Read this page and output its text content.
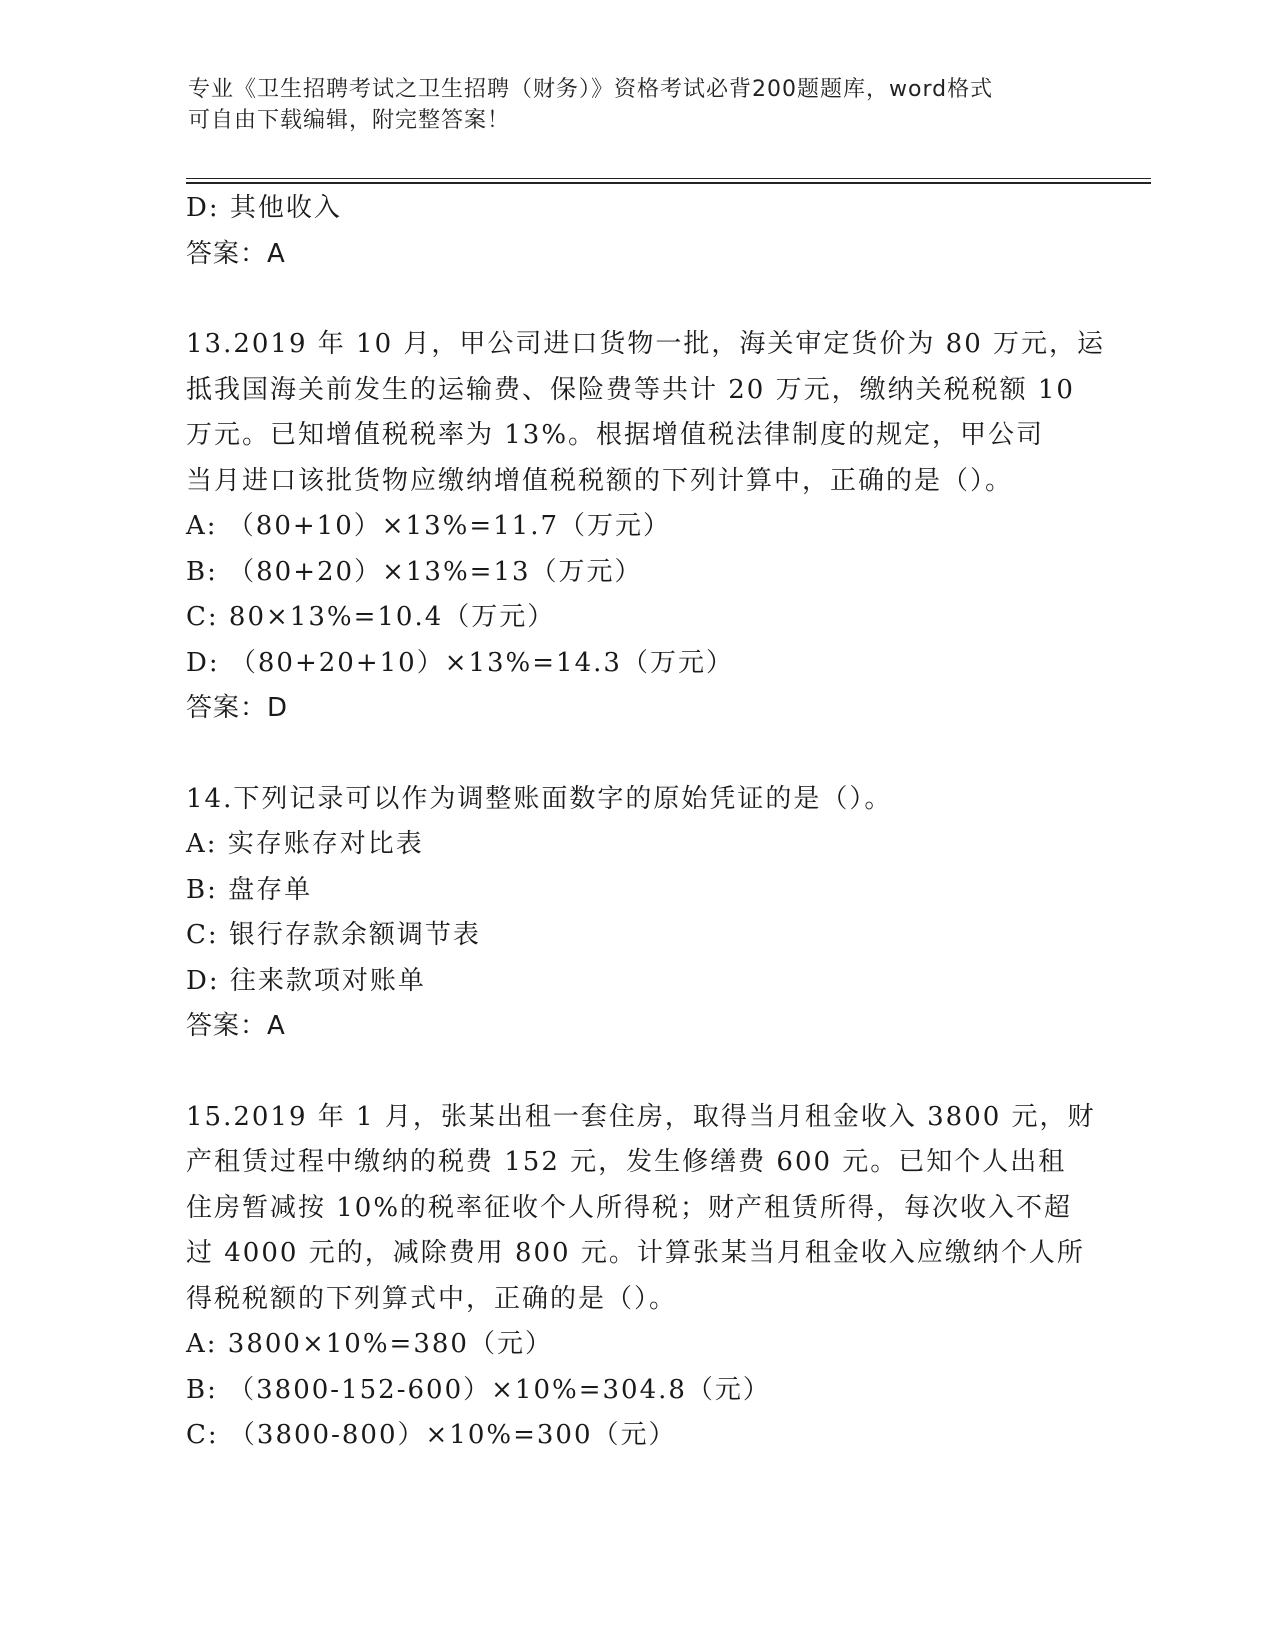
专业《卫生招聘考试之卫生招聘（财务）》资格考试必背200题题库，word格式
可自由下载编辑，附完整答案！

D: 其他收入

答案：A

13.2019 年 10 月，甲公司进口货物一批，海关审定货价为 80 万元，运

抵我国海关前发生的运输费、保险费等共计 20 万元，缴纳关税税额 10

万元。已知增值税税率为 13%。根据增值税法律制度的规定，甲公司

当月进口该批货物应缴纳增值税税额的下列计算中，正确的是（）。

A: （80+10）×13%=11.7（万元）

B: （80+20）×13%=13（万元）

C: 80×13%=10.4（万元）

D: （80+20+10）×13%=14.3（万元）

答案：D

14.下列记录可以作为调整账面数字的原始凭证的是（）。

A: 实存账存对比表

B: 盘存单

C: 银行存款余额调节表

D: 往来款项对账单

答案：A

15.2019 年 1 月，张某出租一套住房，取得当月租金收入 3800 元，财

产租赁过程中缴纳的税费 152 元，发生修缮费 600 元。已知个人出租

住房暂减按 10%的税率征收个人所得税；财产租赁所得，每次收入不超

过 4000 元的，减除费用 800 元。计算张某当月租金收入应缴纳个人所

得税税额的下列算式中，正确的是（）。

A: 3800×10%=380（元）

B: （3800-152-600）×10%=304.8（元）

C: （3800-800）×10%=300（元）
